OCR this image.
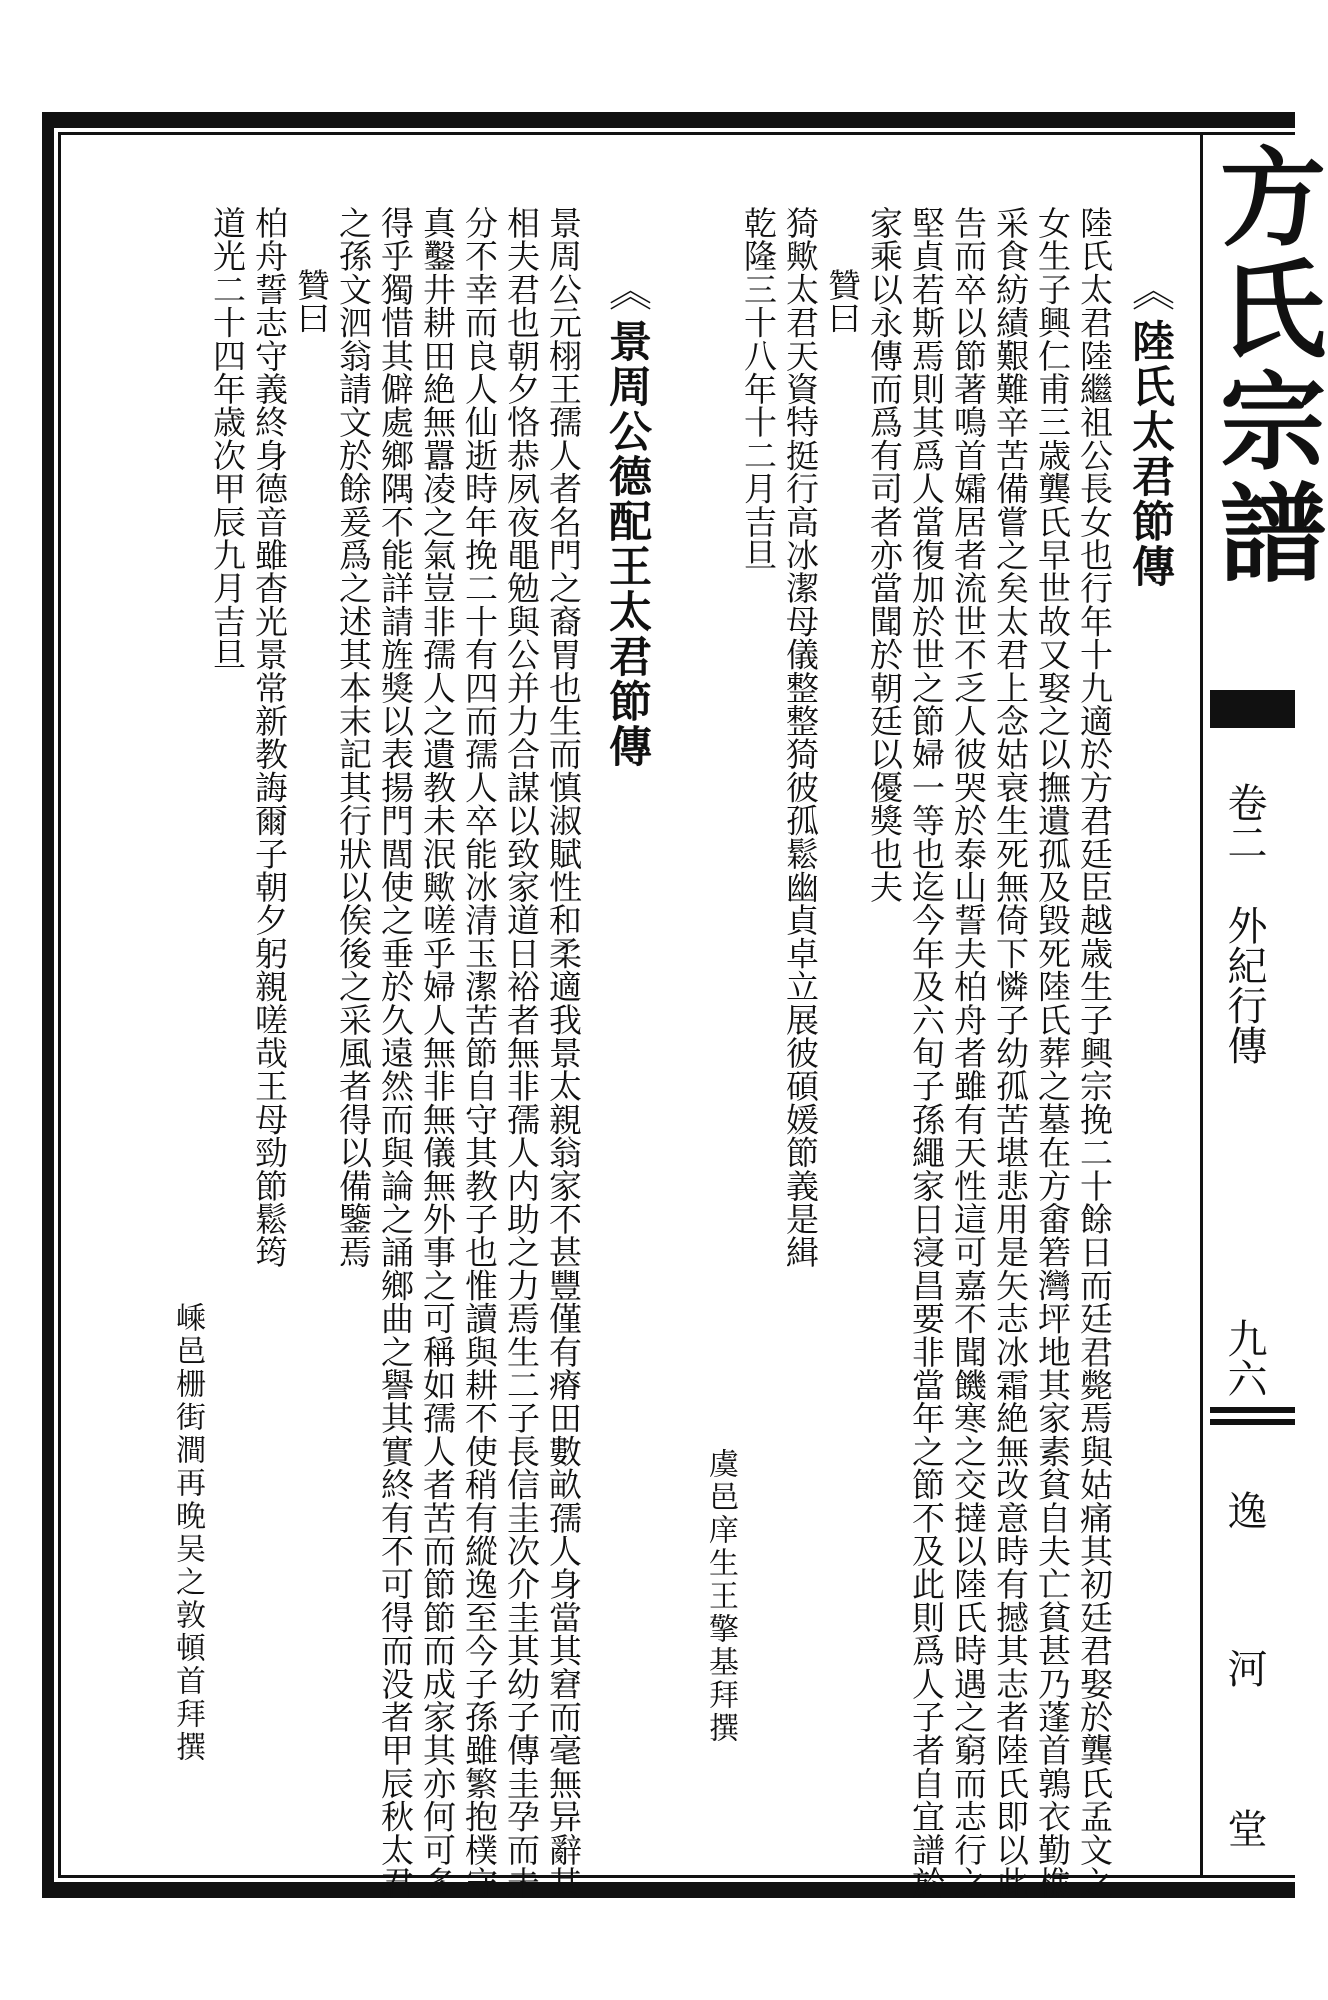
方氏宗譜
卷二
外紀行傳
九六
逸
河
堂
《陸氏太君節傳
陸氏太君陸繼祖公長女也行年十九適於方君廷臣越歳生子興宗挽二十餘日而廷君斃焉與姑痛其初廷君娶於龔氏孟文之
女生子興仁甫三歳龔氏早世故又娶之以撫遺孤及毀死陸氏葬之墓在方畬箬灣坪地其家素貧自夫亡貧甚乃蓬首鶉衣勤樵
采食紡績艱難辛苦備嘗之矣太君上念姑衰生死無倚下憐子幼孤苦堪悲用是矢志冰霜絶無改意時有撼其志者陸氏即以此
告而卒以節著鳴首孀居者流世不乏人彼哭於泰山誓夫柏舟者雖有天性這可嘉不聞饑寒之交撻以陸氏時遇之窮而志行之
堅貞若斯焉則其爲人當復加於世之節婦一等也迄今年及六旬子孫繩家日寖昌要非當年之節不及此則爲人子者自宜譜於
家乘以永傳而爲有司者亦當聞於朝廷以優獎也夫
贊曰
猗歟太君天資特挺行高冰潔母儀整整猗彼孤鬆幽貞卓立展彼碩媛節義是緝
乾隆三十八年十二月吉旦
虞邑庠生王擎基拜撰
《景周公德配王太君節傳
景周公元栩王孺人者名門之裔胃也生而慎淑賦性和柔適我景太親翁家不甚豐僅有瘠田數畝孺人身當其窘而毫無异辭其
相夫君也朝夕恪恭夙夜黽勉與公并力合謀以致家道日裕者無非孺人内助之力焉生二子長信圭次介圭其幼子傳圭孕而未
分不幸而良人仙逝時年挽二十有四而孺人卒能冰清玉潔苦節自守其教子也惟讀與耕不使稍有縱逸至今子孫雖繁抱樸守
真鑿井耕田絶無囂凌之氣豈非孺人之遺教未泯歟嗟乎婦人無非無儀無外事之可稱如孺人者苦而節節而成家其亦何可多
得乎獨惜其僻處鄉隅不能詳請旌獎以表揚門閭使之垂於久遠然而與論之誦鄉曲之譽其實終有不可得而没者甲辰秋太君
之孫文泗翁請文於餘爰爲之述其本末記其行狀以俟後之采風者得以備鑒焉
贊曰
柏舟誓志守義終身德音雖杳光景常新教誨爾子朝夕躬親嗟哉王母勁節鬆筠
道光二十四年歳次甲辰九月吉旦
嵊邑栅街澗再晚吴之敦頓首拜撰
